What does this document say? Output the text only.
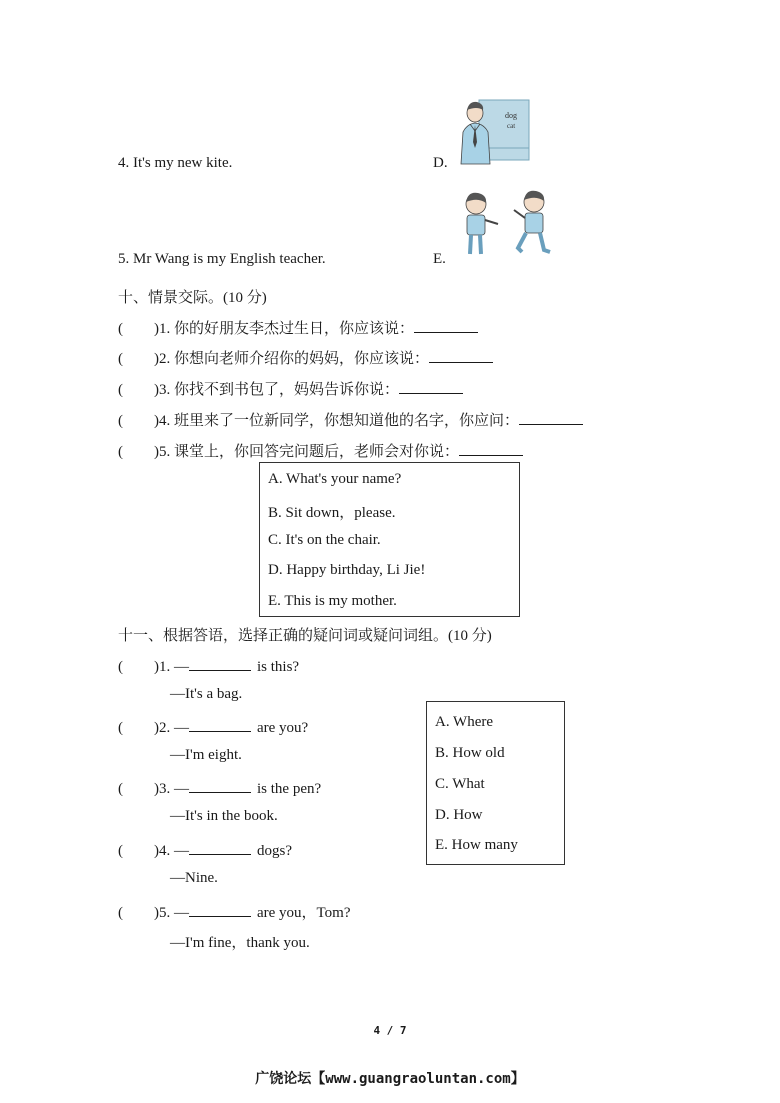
4. It's my new kite.	D.
dog
cat
5. Mr Wang is my English teacher.	E.
十、情景交际。(10 分)
( )1. 你的好朋友李杰过生日，你应该说：
( )2. 你想向老师介绍你的妈妈，你应该说：
( )3. 你找不到书包了，妈妈告诉你说：
( )4. 班里来了一位新同学，你想知道他的名字，你应问：
( )5. 课堂上，你回答完问题后，老师会对你说：
A. What's your name?
B. Sit down，please.
C. It's on the chair.
D. Happy birthday, Li Jie!
E. This is my mother.
十一、根据答语，选择正确的疑问词或疑问词组。(10 分)
( )1. —	is this?
—It's a bag.
( )2. —	are you?
—I'm eight.
( )3. —	is the pen?
—It's in the book.
( )4. —	dogs?
—Nine.
( )5. —	are you，Tom?
—I'm fine，thank you.
A. Where
B. How old
C. What
D. How
E. How many
4 / 7
广饶论坛【www.guangraoluntan.com】
